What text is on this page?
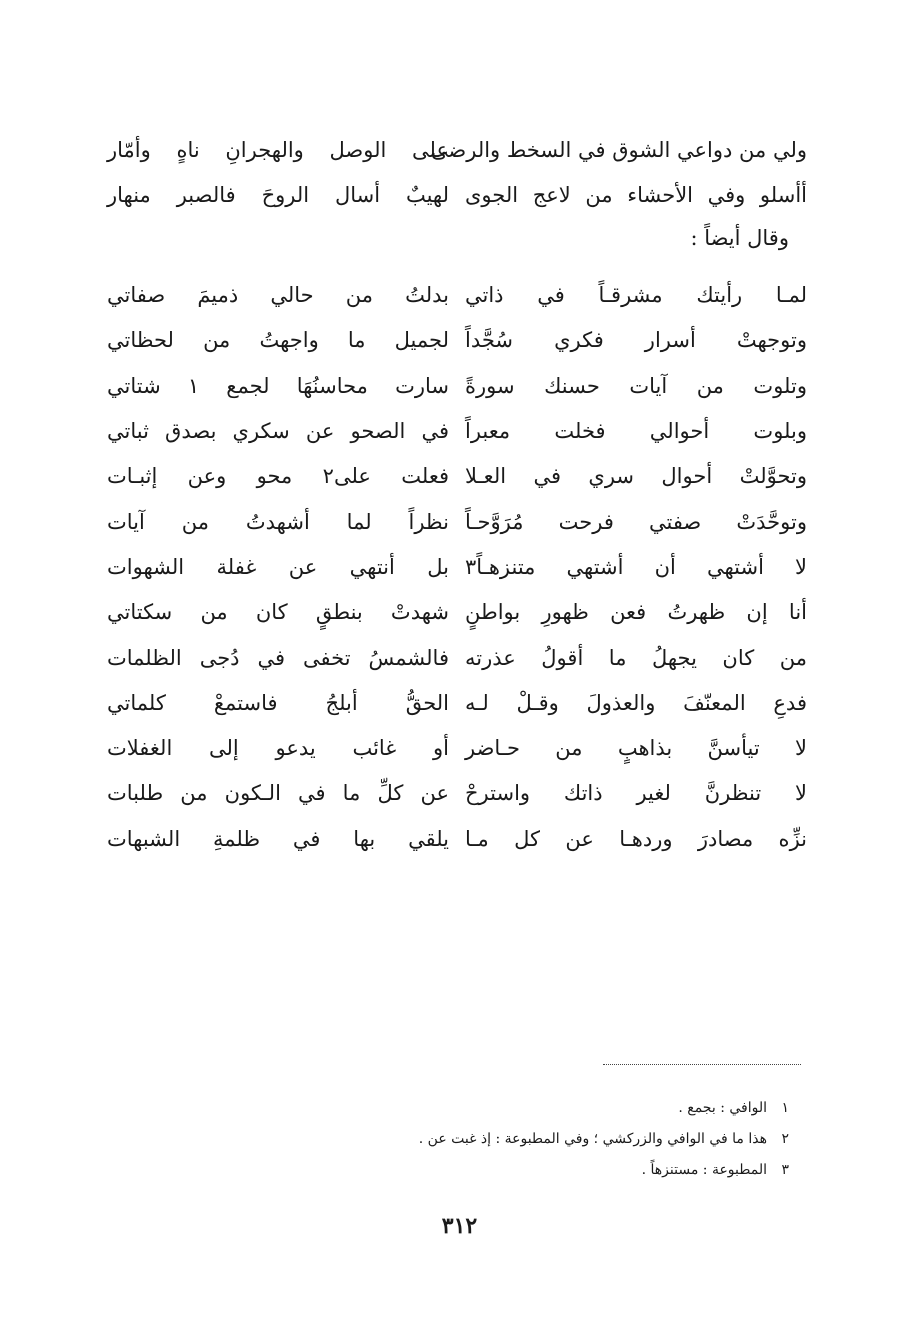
ولي من دواعي الشوق في السخط والرضى
على الوصل والهجرانِ ناهٍ وأمّار
أأسلو وفي الأحشاء من لاعج الجوى
لهيبٌ أسال الروحَ فالصبر منهار
وقال أيضاً :
لمـا رأيتك مشرقـاً في ذاتي
بدلتُ من حالي ذميمَ صفاتي
وتوجهتْ أسرار فكري سُجَّداً
لجميل ما واجهتُ من لحظاتي
وتلوت من آيات حسنك سورةً
سارت محاسنُهَا لجمع ١ شتاتي
وبلوت أحوالي فخلت معبراً
في الصحو عن سكري بصدق ثباتي
وتحوَّلتْ أحوال سري في العـلا
فعلت على٢ محو وعن إثبـات
وتوحَّدَتْ صفتي فرحت مُرَوَّحـاً
نظراً لما أشهدتُ من آيات
لا أشتهي أن أشتهي متنزهـاً٣
بل أنتهي عن غفلة الشهوات
أنا إن ظهرتُ فعن ظهورِ بواطنٍ
شهدتْ بنطقٍ كان من سكتاتي
من كان يجهلُ ما أقولُ عذرته
فالشمسُ تخفى في دُجى الظلمات
فدعِ المعنّفَ والعذولَ وقـلْ لـه
الحقُّ أبلجُ فاستمعْ كلماتي
لا تيأسنَّ بذاهبٍ من حـاضر
أو غائب يدعو إلى الغفلات
لا تنظرنَّ لغير ذاتك واسترحْ
عن كلِّ ما في الـكون من طلبات
نزِّه مصادرَ وردهـا عن كل مـا
يلقي بها في ظلمةِ الشبهات
١
الوافي : بجمع .
٢
هذا ما في الوافي والزركشي ؛ وفي المطبوعة : إذ غبت عن .
٣
المطبوعة : مستنزهاً .
٣١٢
